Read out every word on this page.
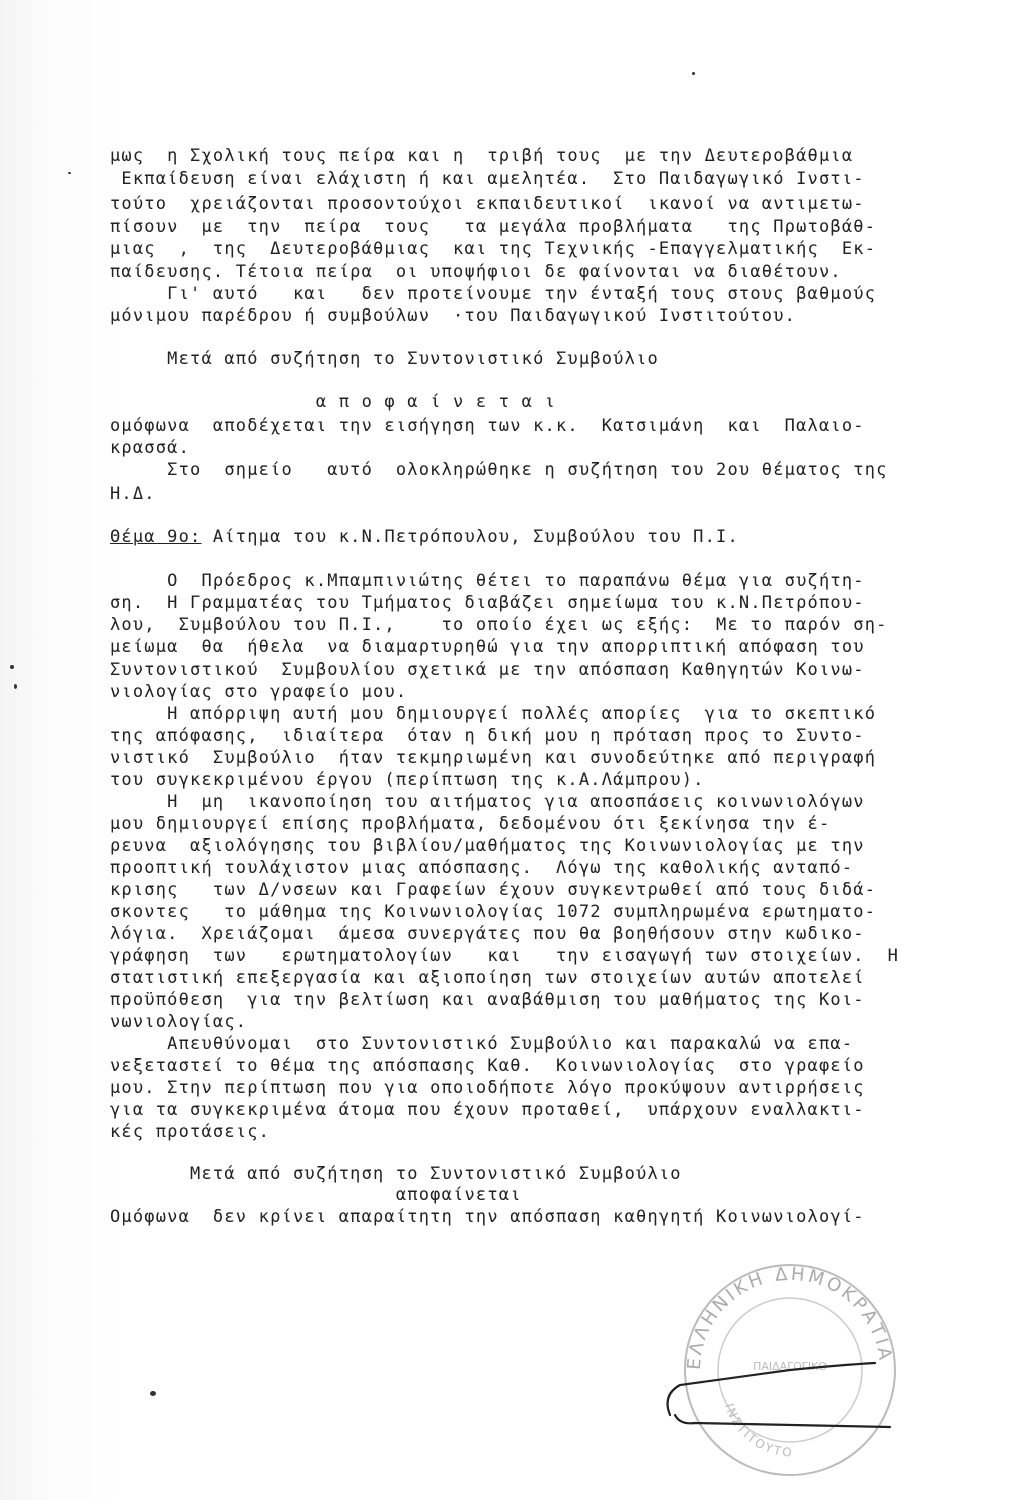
μως  η Σχολική τους πείρα και η  τριβή τους  με την Δευτεροβάθμια
Εκπαίδευση είναι ελάχιστη ή και αμελητέα.  Στο Παιδαγωγικό Ινστι-
τούτο  χρειάζονται προσοντούχοι εκπαιδευτικοί  ικανοί να αντιμετω-
πίσουν  με  την  πείρα  τους   τα μεγάλα προβλήματα   της Πρωτοβάθ-
μιας  ,  της  Δευτεροβάθμιας  και της Τεχνικής -Επαγγελματικής  Εκ-
παίδευσης. Τέτοια πείρα  οι υποψήφιοι δε φαίνονται να διαθέτουν.
Γι' αυτό   και   δεν προτείνουμε την ένταξή τους στους βαθμούς
μόνιμου παρέδρου ή συμβούλων  ·του Παιδαγωγικού Ινστιτούτου.
Μετά από συζήτηση το Συντονιστικό Συμβούλιο
α π ο φ α ί ν ε τ α ι
ομόφωνα  αποδέχεται την εισήγηση των κ.κ.  Κατσιμάνη  και  Παλαιο-
κρασσά.
Στο  σημείο   αυτό  ολοκληρώθηκε η συζήτηση του 2ου θέματος της
Η.Δ.
Θέμα 9ο: Αίτημα του κ.Ν.Πετρόπουλου, Συμβούλου του Π.Ι.
Ο  Πρόεδρος κ.Μπαμπινιώτης θέτει το παραπάνω θέμα για συζήτη-
ση.  Η Γραμματέας του Τμήματος διαβάζει σημείωμα του κ.Ν.Πετρόπου-
λου,  Συμβούλου του Π.Ι.,    το οποίο έχει ως εξής:  Με το παρόν ση-
μείωμα  θα  ήθελα  να διαμαρτυρηθώ για την απορριπτική απόφαση του
Συντονιστικού  Συμβουλίου σχετικά με την απόσπαση Καθηγητών Κοινω-
νιολογίας στο γραφείο μου.
Η απόρριψη αυτή μου δημιουργεί πολλές απορίες  για το σκεπτικό
της απόφασης,  ιδιαίτερα  όταν η δική μου η πρόταση προς το Συντο-
νιστικό  Συμβούλιο  ήταν τεκμηριωμένη και συνοδεύτηκε από περιγραφή
του συγκεκριμένου έργου (περίπτωση της κ.Α.Λάμπρου).
Η  μη  ικανοποίηση του αιτήματος για αποσπάσεις κοινωνιολόγων
μου δημιουργεί επίσης προβλήματα, δεδομένου ότι ξεκίνησα την έ-
ρευνα  αξιολόγησης του βιβλίου/μαθήματος της Κοινωνιολογίας με την
προοπτική τουλάχιστον μιας απόσπασης.  Λόγω της καθολικής ανταπό-
κρισης   των Δ/νσεων και Γραφείων έχουν συγκεντρωθεί από τους διδά-
σκοντες   το μάθημα της Κοινωνιολογίας 1072 συμπληρωμένα ερωτηματο-
λόγια.  Χρειάζομαι  άμεσα συνεργάτες που θα βοηθήσουν στην κωδικο-
γράφηση  των   ερωτηματολογίων   και   την εισαγωγή των στοιχείων.  Η
στατιστική επεξεργασία και αξιοποίηση των στοιχείων αυτών αποτελεί
προϋπόθεση  για την βελτίωση και αναβάθμιση του μαθήματος της Κοι-
νωνιολογίας.
Απευθύνομαι  στο Συντονιστικό Συμβούλιο και παρακαλώ να επα-
νεξεταστεί το θέμα της απόσπασης Καθ.  Κοινωνιολογίας  στο γραφείο
μου. Στην περίπτωση που για οποιοδήποτε λόγο προκύψουν αντιρρήσεις
για τα συγκεκριμένα άτομα που έχουν προταθεί,  υπάρχουν εναλλακτι-
κές προτάσεις.
Μετά από συζήτηση το Συντονιστικό Συμβούλιο
αποφαίνεται
Ομόφωνα  δεν κρίνει απαραίτητη την απόσπαση καθηγητή Κοινωνιολογί-
ΕΛΛΗΝΙΚΗ ΔΗΜΟΚΡΑΤΙΑ
ΠΑΙΔΑΓΩΓΙΚΟ
ΙΝΣΤΙΤΟΥΤΟ
